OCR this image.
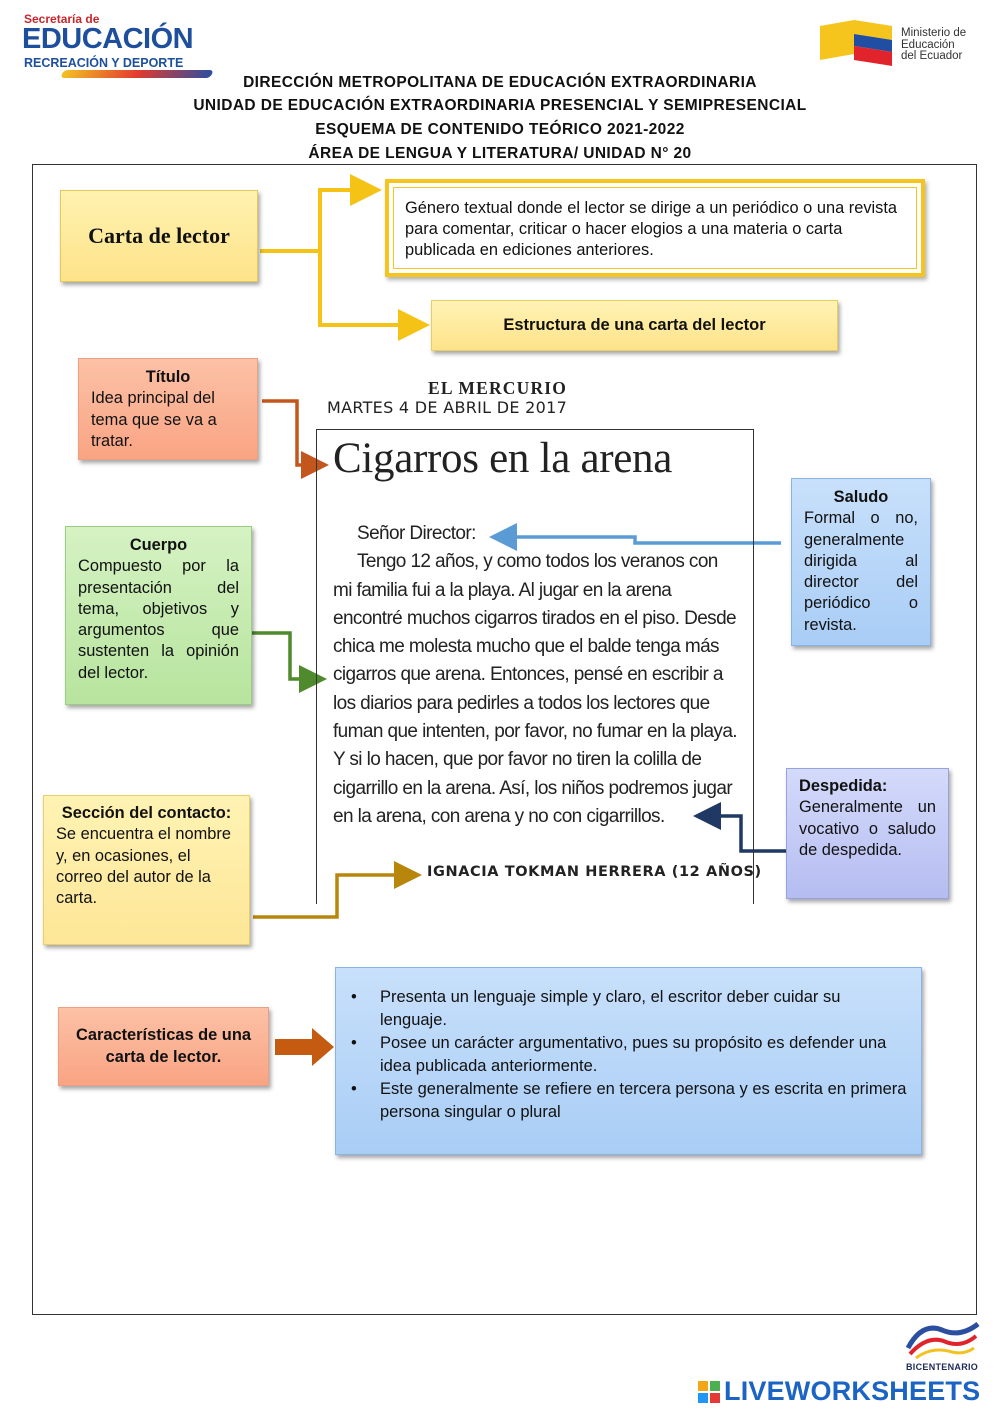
Secretaría de
EDUCACIÓN
RECREACIÓN Y DEPORTE
Ministerio de
Educación
del Ecuador
DIRECCIÓN METROPOLITANA DE EDUCACIÓN EXTRAORDINARIA
UNIDAD DE EDUCACIÓN EXTRAORDINARIA PRESENCIAL Y SEMIPRESENCIAL
ESQUEMA DE CONTENIDO TEÓRICO 2021-2022
ÁREA DE LENGUA Y LITERATURA/ UNIDAD N° 20
Carta de lector
Género textual donde el lector se dirige a un periódico o una revista para comentar, criticar o hacer elogios a una materia o carta publicada en ediciones anteriores.
Estructura de una carta del lector
Título
Idea principal del tema que se va a tratar.
Cuerpo
Compuesto por la presentación del tema, objetivos y argumentos que sustenten la opinión del lector.
Sección del contacto:
Se encuentra el nombre y, en ocasiones, el correo del autor de la carta.
Saludo
Formal o no, generalmente dirigida al director del periódico o revista.
Despedida:
Generalmente un vocativo o saludo de despedida.
EL MERCURIO
MARTES 4 DE ABRIL DE 2017
Cigarros en la arena

Señor Director:

Tengo 12 años, y como todos los veranos con mi familia fui a la playa. Al jugar en la arena encontré muchos cigarros tirados en el piso. Desde chica me molesta mucho que el balde tenga más cigarros que arena. Entonces, pensé en escribir a los diarios para pedirles a todos los lectores que fuman que intenten, por favor, no fumar en la playa. Y si lo hacen, que por favor no tiren la colilla de cigarrillo en la arena. Así, los niños podremos jugar en la arena, con arena y no con cigarrillos.

IGNACIA TOKMAN HERRERA (12 AÑOS)
Características de una carta de lector.
• Presenta un lenguaje simple y claro, el escritor deber cuidar su lenguaje.
• Posee un carácter argumentativo, pues su propósito es defender una idea publicada anteriormente.
• Este generalmente se refiere en tercera persona y es escrita en primera persona singular o plural
BICENTENARIO
LIVEWORKSHEETS
